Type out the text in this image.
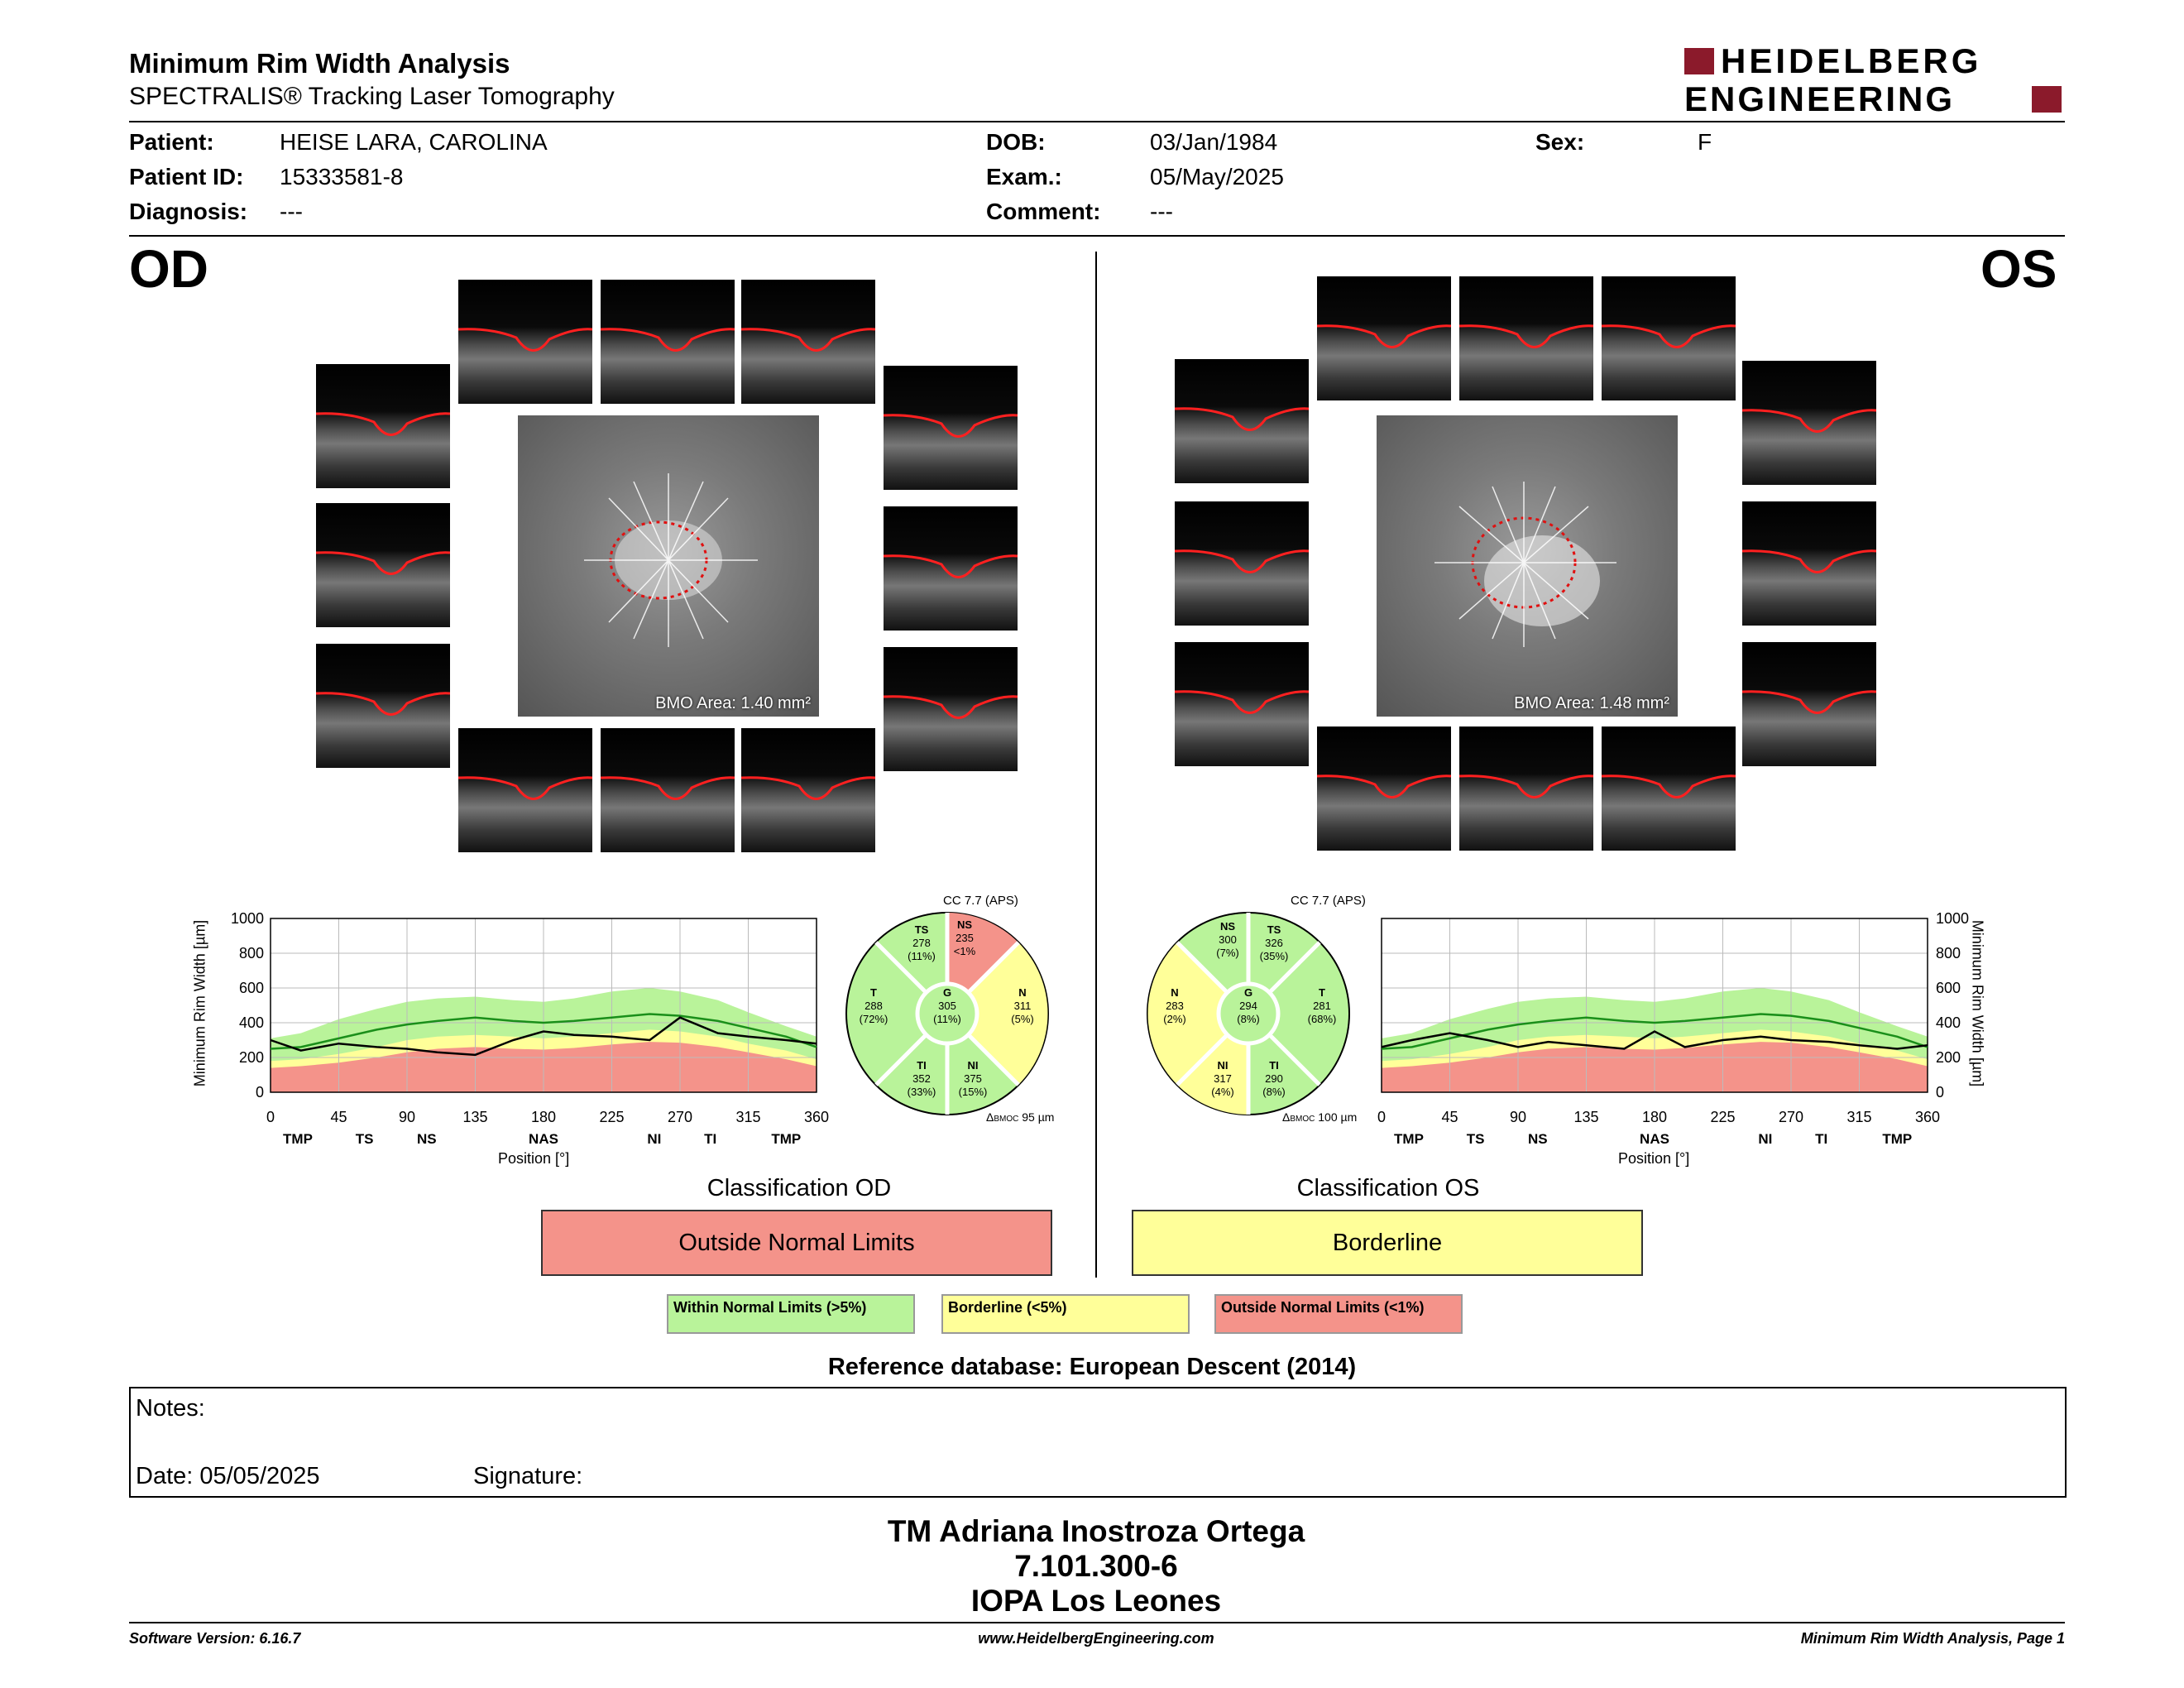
Minimum Rim Width Analysis
SPECTRALIS® Tracking Laser Tomography
HEIDELBERG
ENGINEERING
Patient:	HEISE LARA, CAROLINA
Patient ID: 15333581-8
Diagnosis: ---
DOB:	03/Jan/1984
Exam.:	05/May/2025
Comment: ---
Sex:	F
OD	OS
BMO Area: 1.40 mm²	BMO Area: 1.48 mm²
Minimum Rim Width [µm]
0	45	90	135	180	225	270	315	360
0
200
400
600
800
1000
TMP	TS	NS	NAS	NI	TI	TMP
Position [°]
Minimum Rim Width [µm]
0	45	90	135	180	225	270	315	360
0
200
400
600
800
1000
TMP	TS	NS	NAS	NI	TI	TMP
Position [°]
CC 7.7 (APS)
TS
278
(11%)
NS
235
<1%
T
288
(72%)
G
305
(11%)
N
311
(5%)
TI
352
(33%)
NI
375
(15%)
ΔBMOC 95 µm
CC 7.7 (APS)
NS
300
(7%)
TS
326
(35%)
N
283
(2%)
G
294
(8%)
T
281
(68%)
NI
317
(4%)
TI
290
(8%)
ΔBMOC 100 µm
Classification OD
Outside Normal Limits
Classification OS
Borderline
Within Normal Limits (>5%)	Borderline (<5%)	Outside Normal Limits (<1%)
Reference database: European Descent (2014)
Notes:
Date: 05/05/2025	Signature:
TM Adriana Inostroza Ortega
7.101.300-6
IOPA Los Leones
Software Version: 6.16.7	www.HeidelbergEngineering.com	Minimum Rim Width Analysis, Page 1
